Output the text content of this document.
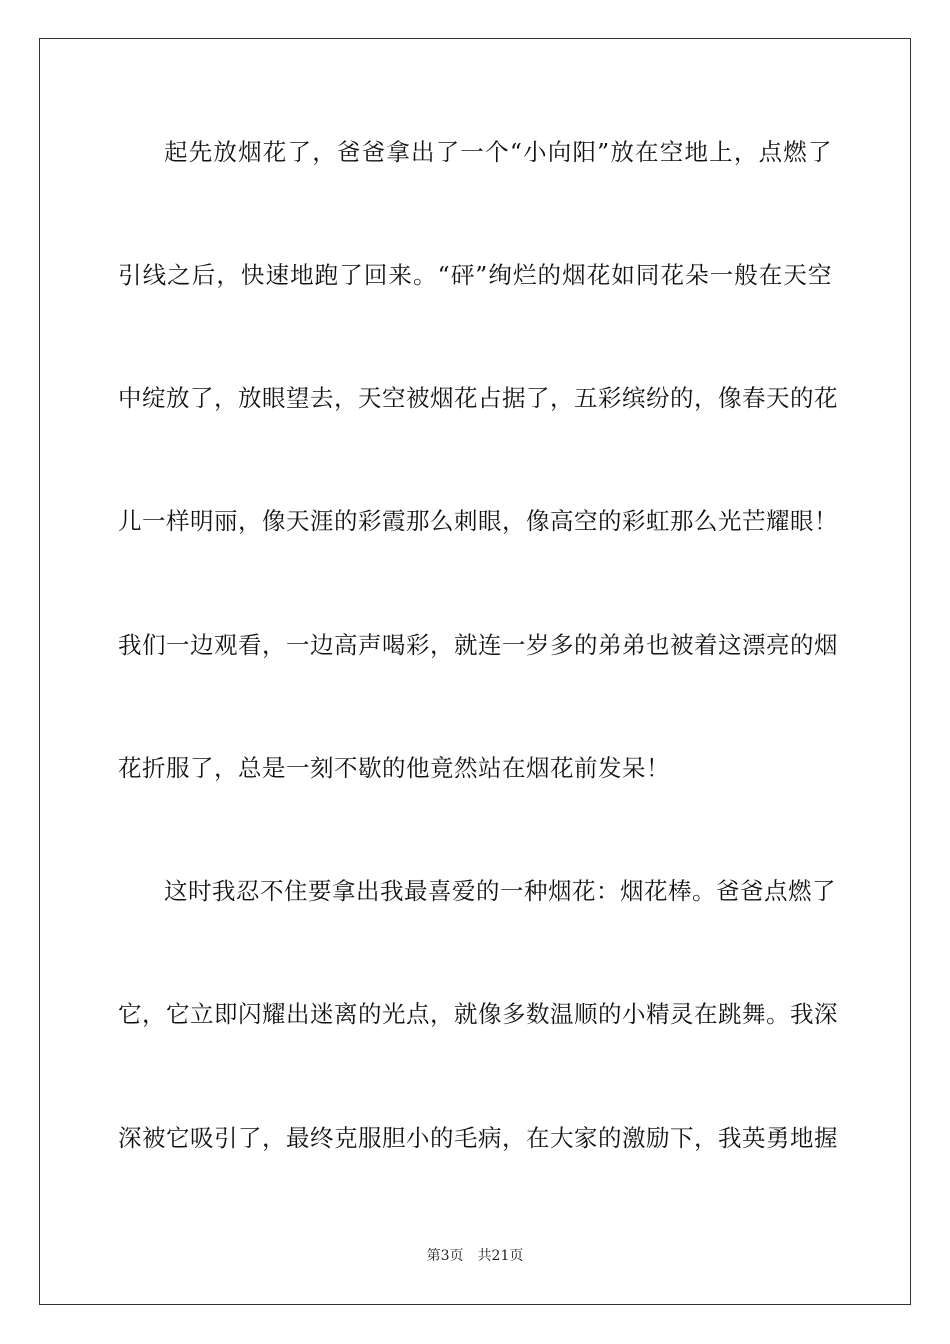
起先放烟花了，爸爸拿出了一个“小向阳”放在空地上，点燃了
引线之后，快速地跑了回来。“砰”绚烂的烟花如同花朵一般在天空
中绽放了，放眼望去，天空被烟花占据了，五彩缤纷的，像春天的花
儿一样明丽，像天涯的彩霞那么刺眼，像高空的彩虹那么光芒耀眼！
我们一边观看，一边高声喝彩，就连一岁多的弟弟也被着这漂亮的烟
花折服了，总是一刻不歇的他竟然站在烟花前发呆！
这时我忍不住要拿出我最喜爱的一种烟花：烟花棒。爸爸点燃了
它，它立即闪耀出迷离的光点，就像多数温顺的小精灵在跳舞。我深
深被它吸引了，最终克服胆小的毛病，在大家的激励下，我英勇地握
第3页 共21页
